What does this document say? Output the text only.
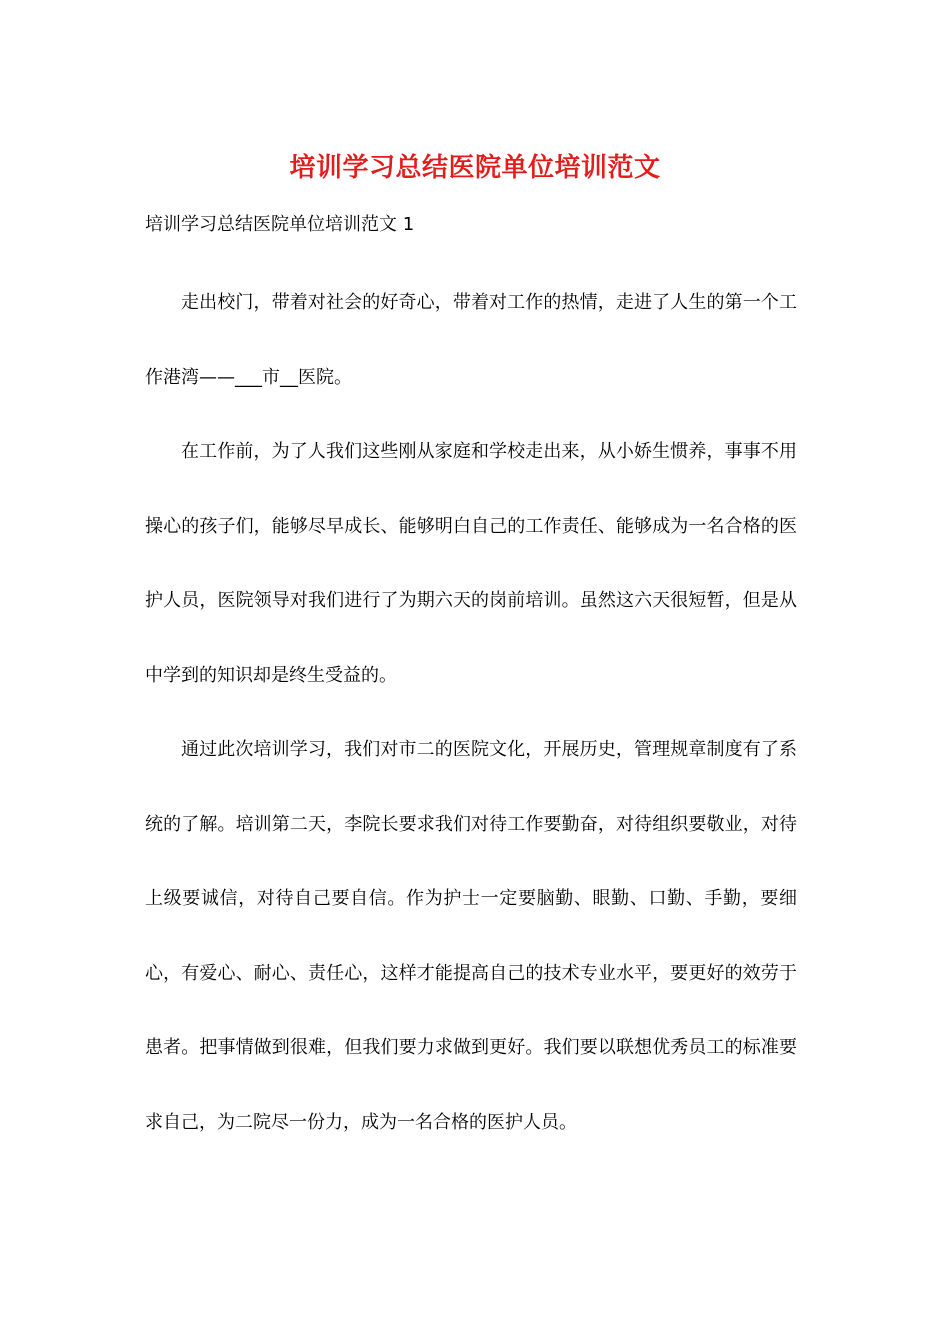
培训学习总结医院单位培训范文
培训学习总结医院单位培训范文 1

走出校门，带着对社会的好奇心，带着对工作的热情，走进了人生的第一个工作港湾——___市__医院。

在工作前，为了人我们这些刚从家庭和学校走出来，从小娇生惯养，事事不用操心的孩子们，能够尽早成长、能够明白自己的工作责任、能够成为一名合格的医护人员，医院领导对我们进行了为期六天的岗前培训。虽然这六天很短暂，但是从中学到的知识却是终生受益的。

通过此次培训学习，我们对市二的医院文化，开展历史，管理规章制度有了系统的了解。培训第二天，李院长要求我们对待工作要勤奋，对待组织要敬业，对待上级要诚信，对待自己要自信。作为护士一定要脑勤、眼勤、口勤、手勤，要细心，有爱心、耐心、责任心，这样才能提高自己的技术专业水平，要更好的效劳于患者。把事情做到很难，但我们要力求做到更好。我们要以联想优秀员工的标准要求自己，为二院尽一份力，成为一名合格的医护人员。
